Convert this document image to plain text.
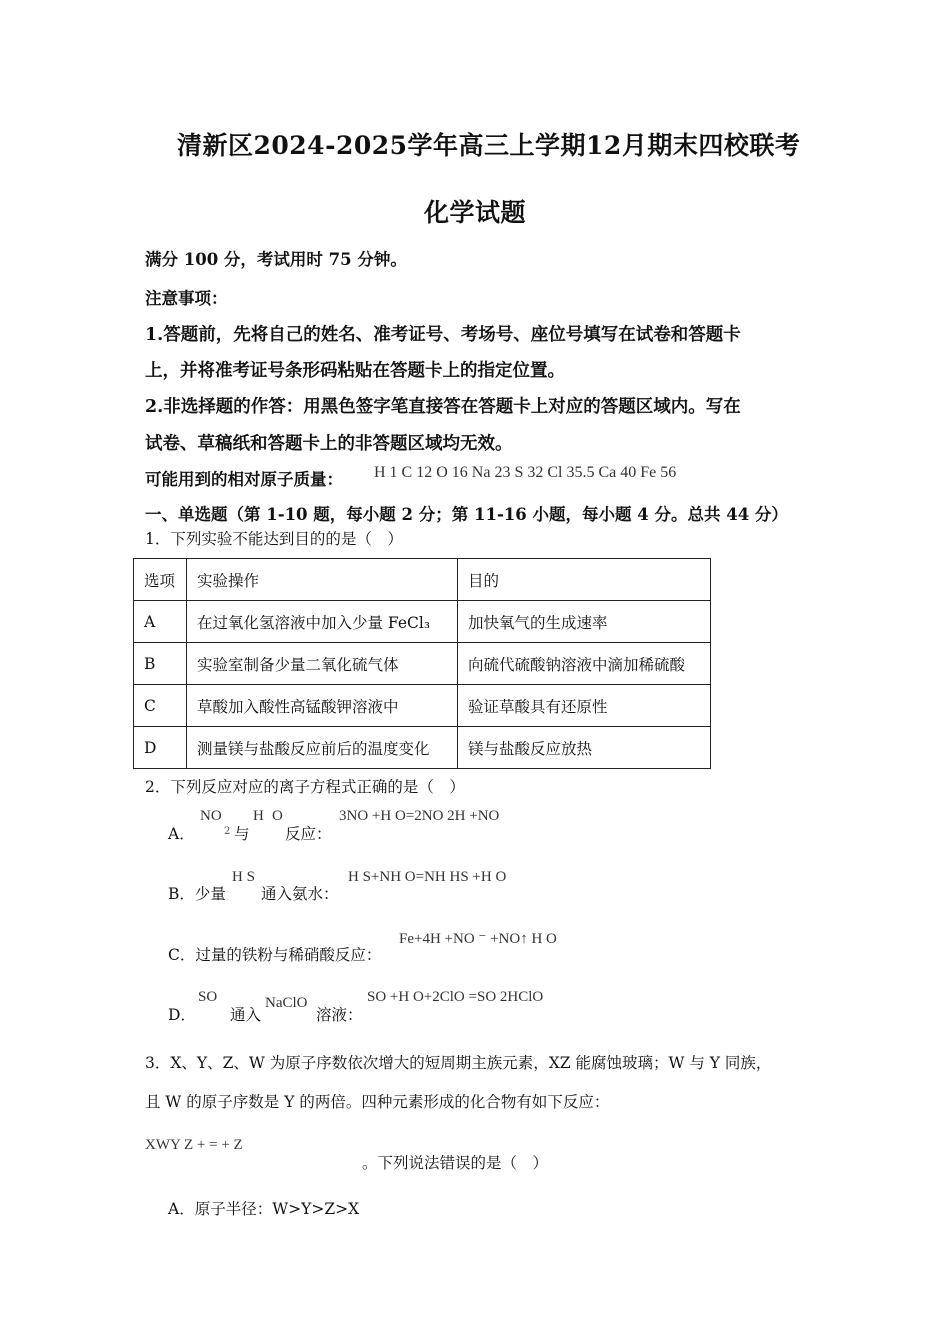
清新区2024-2025学年高三上学期12月期末四校联考
化学试题
满分 100 分，考试用时 75 分钟。
注意事项：
1.答题前，先将自己的姓名、准考证号、考场号、座位号填写在试卷和答题卡
上，并将准考证号条形码粘贴在答题卡上的指定位置。
2.非选择题的作答：用黑色签字笔直接答在答题卡上对应的答题区域内。写在
试卷、草稿纸和答题卡上的非答题区域均无效。
可能用到的相对原子质量： H 1 C 12 O 16 Na 23 S 32 Cl 35.5 Ca 40 Fe 56
一、单选题（第 1-10 题，每小题 2 分；第 11-16 小题，每小题 4 分。总共 44 分）
1．下列实验不能达到目的的是（　）
选项	实验操作	目的
A	在过氧化氢溶液中加入少量 FeCl₃	加快氧气的生成速率
B	实验室制备少量二氧化硫气体	向硫代硫酸钠溶液中滴加稀硫酸
C	草酸加入酸性高锰酸钾溶液中	验证草酸具有还原性
D	测量镁与盐酸反应前后的温度变化	镁与盐酸反应放热
2．下列反应对应的离子方程式正确的是（　）
A．
NO
2 与
H O
反应：
3NO +H O=2NO 2H +NO
B．少量
H S
通入氨水：
H S+NH O=NH HS +H O
C．过量的铁粉与稀硝酸反应：
Fe+4H +NO ⁻ +NO↑ H O
D．
SO
通入
NaClO
溶液：
SO +H O+2ClO =SO 2HClO
3．X、Y、Z、W 为原子序数依次增大的短周期主族元素，XZ 能腐蚀玻璃；W 与 Y 同族，
且 W 的原子序数是 Y 的两倍。四种元素形成的化合物有如下反应：
XWY Z + = + Z
。下列说法错误的是（　）
A．原子半径：W>Y>Z>X
